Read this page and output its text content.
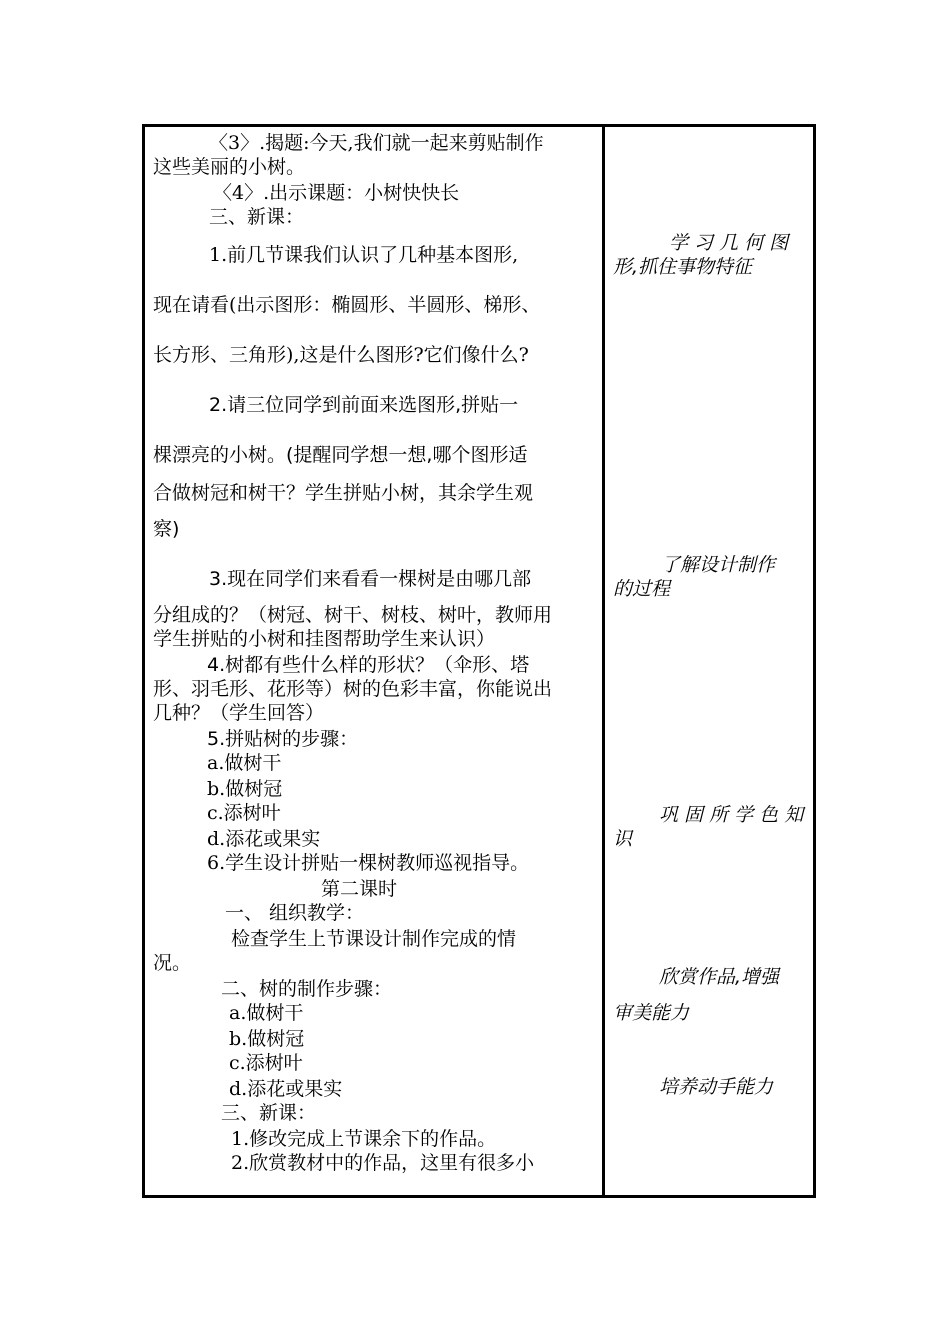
〈3〉.揭题:今天,我们就一起来剪贴制作
这些美丽的小树。
〈4〉.出示课题：小树快快长
三、新课：
1.前几节课我们认识了几种基本图形,
现在请看(出示图形：椭圆形、半圆形、梯形、
长方形、三角形),这是什么图形?它们像什么?
2.请三位同学到前面来选图形,拼贴一
棵漂亮的小树。(提醒同学想一想,哪个图形适
合做树冠和树干？学生拼贴小树，其余学生观
察)
3.现在同学们来看看一棵树是由哪几部
分组成的？（树冠、树干、树枝、树叶，教师用
学生拼贴的小树和挂图帮助学生来认识）
4.树都有些什么样的形状？（伞形、塔
形、羽毛形、花形等）树的色彩丰富，你能说出
几种？（学生回答）
5.拼贴树的步骤：
a.做树干
b.做树冠
c.添树叶
d.添花或果实
6.学生设计拼贴一棵树教师巡视指导。
第二课时
一、 组织教学：
检查学生上节课设计制作完成的情
况。
二、树的制作步骤：
a.做树干
b.做树冠
c.添树叶
d.添花或果实
三、新课：
1.修改完成上节课余下的作品。
2.欣赏教材中的作品，这里有很多小
学 习 几 何 图
形,抓住事物特征
了解设计制作
的过程
巩 固 所 学 色 知
识
欣赏作品,增强
审美能力
培养动手能力
